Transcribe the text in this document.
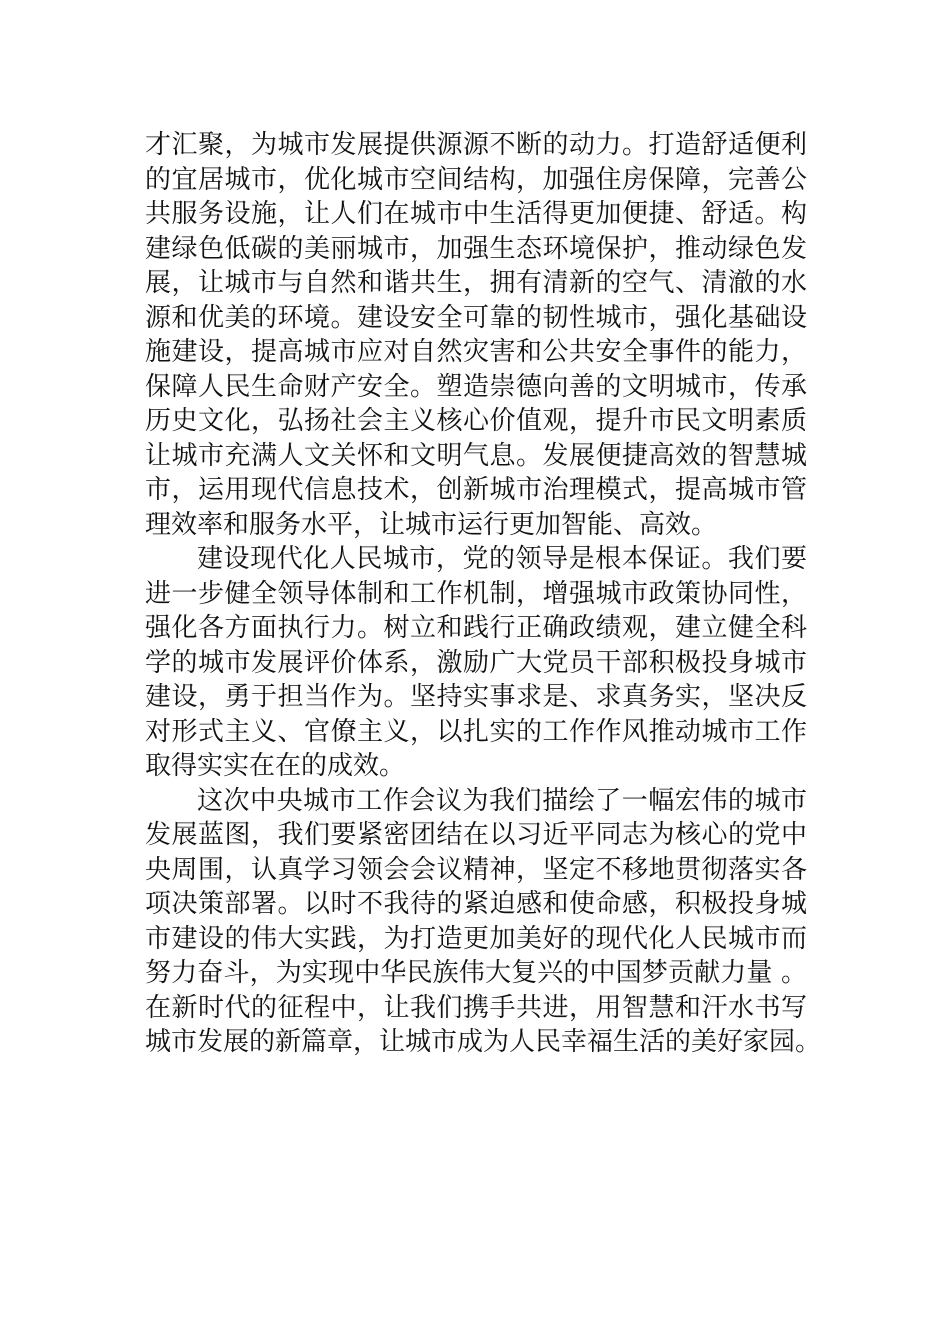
才汇聚，为城市发展提供源源不断的动力。打造舒适便利
的宜居城市，优化城市空间结构，加强住房保障，完善公
共服务设施，让人们在城市中生活得更加便捷、舒适。构
建绿色低碳的美丽城市，加强生态环境保护，推动绿色发
展，让城市与自然和谐共生，拥有清新的空气、清澈的水
源和优美的环境。建设安全可靠的韧性城市，强化基础设
施建设，提高城市应对自然灾害和公共安全事件的能力，
保障人民生命财产安全。塑造崇德向善的文明城市，传承
历史文化，弘扬社会主义核心价值观，提升市民文明素质
让城市充满人文关怀和文明气息。发展便捷高效的智慧城
市，运用现代信息技术，创新城市治理模式，提高城市管
理效率和服务水平，让城市运行更加智能、高效。
建设现代化人民城市，党的领导是根本保证。我们要
进一步健全领导体制和工作机制，增强城市政策协同性，
强化各方面执行力。树立和践行正确政绩观，建立健全科
学的城市发展评价体系，激励广大党员干部积极投身城市
建设，勇于担当作为。坚持实事求是、求真务实，坚决反
对形式主义、官僚主义，以扎实的工作作风推动城市工作
取得实实在在的成效。
这次中央城市工作会议为我们描绘了一幅宏伟的城市
发展蓝图，我们要紧密团结在以习近平同志为核心的党中
央周围，认真学习领会会议精神，坚定不移地贯彻落实各
项决策部署。以时不我待的紧迫感和使命感，积极投身城
市建设的伟大实践，为打造更加美好的现代化人民城市而
努力奋斗，为实现中华民族伟大复兴的中国梦贡献力量 。
在新时代的征程中，让我们携手共进，用智慧和汗水书写
城市发展的新篇章，让城市成为人民幸福生活的美好家园。
